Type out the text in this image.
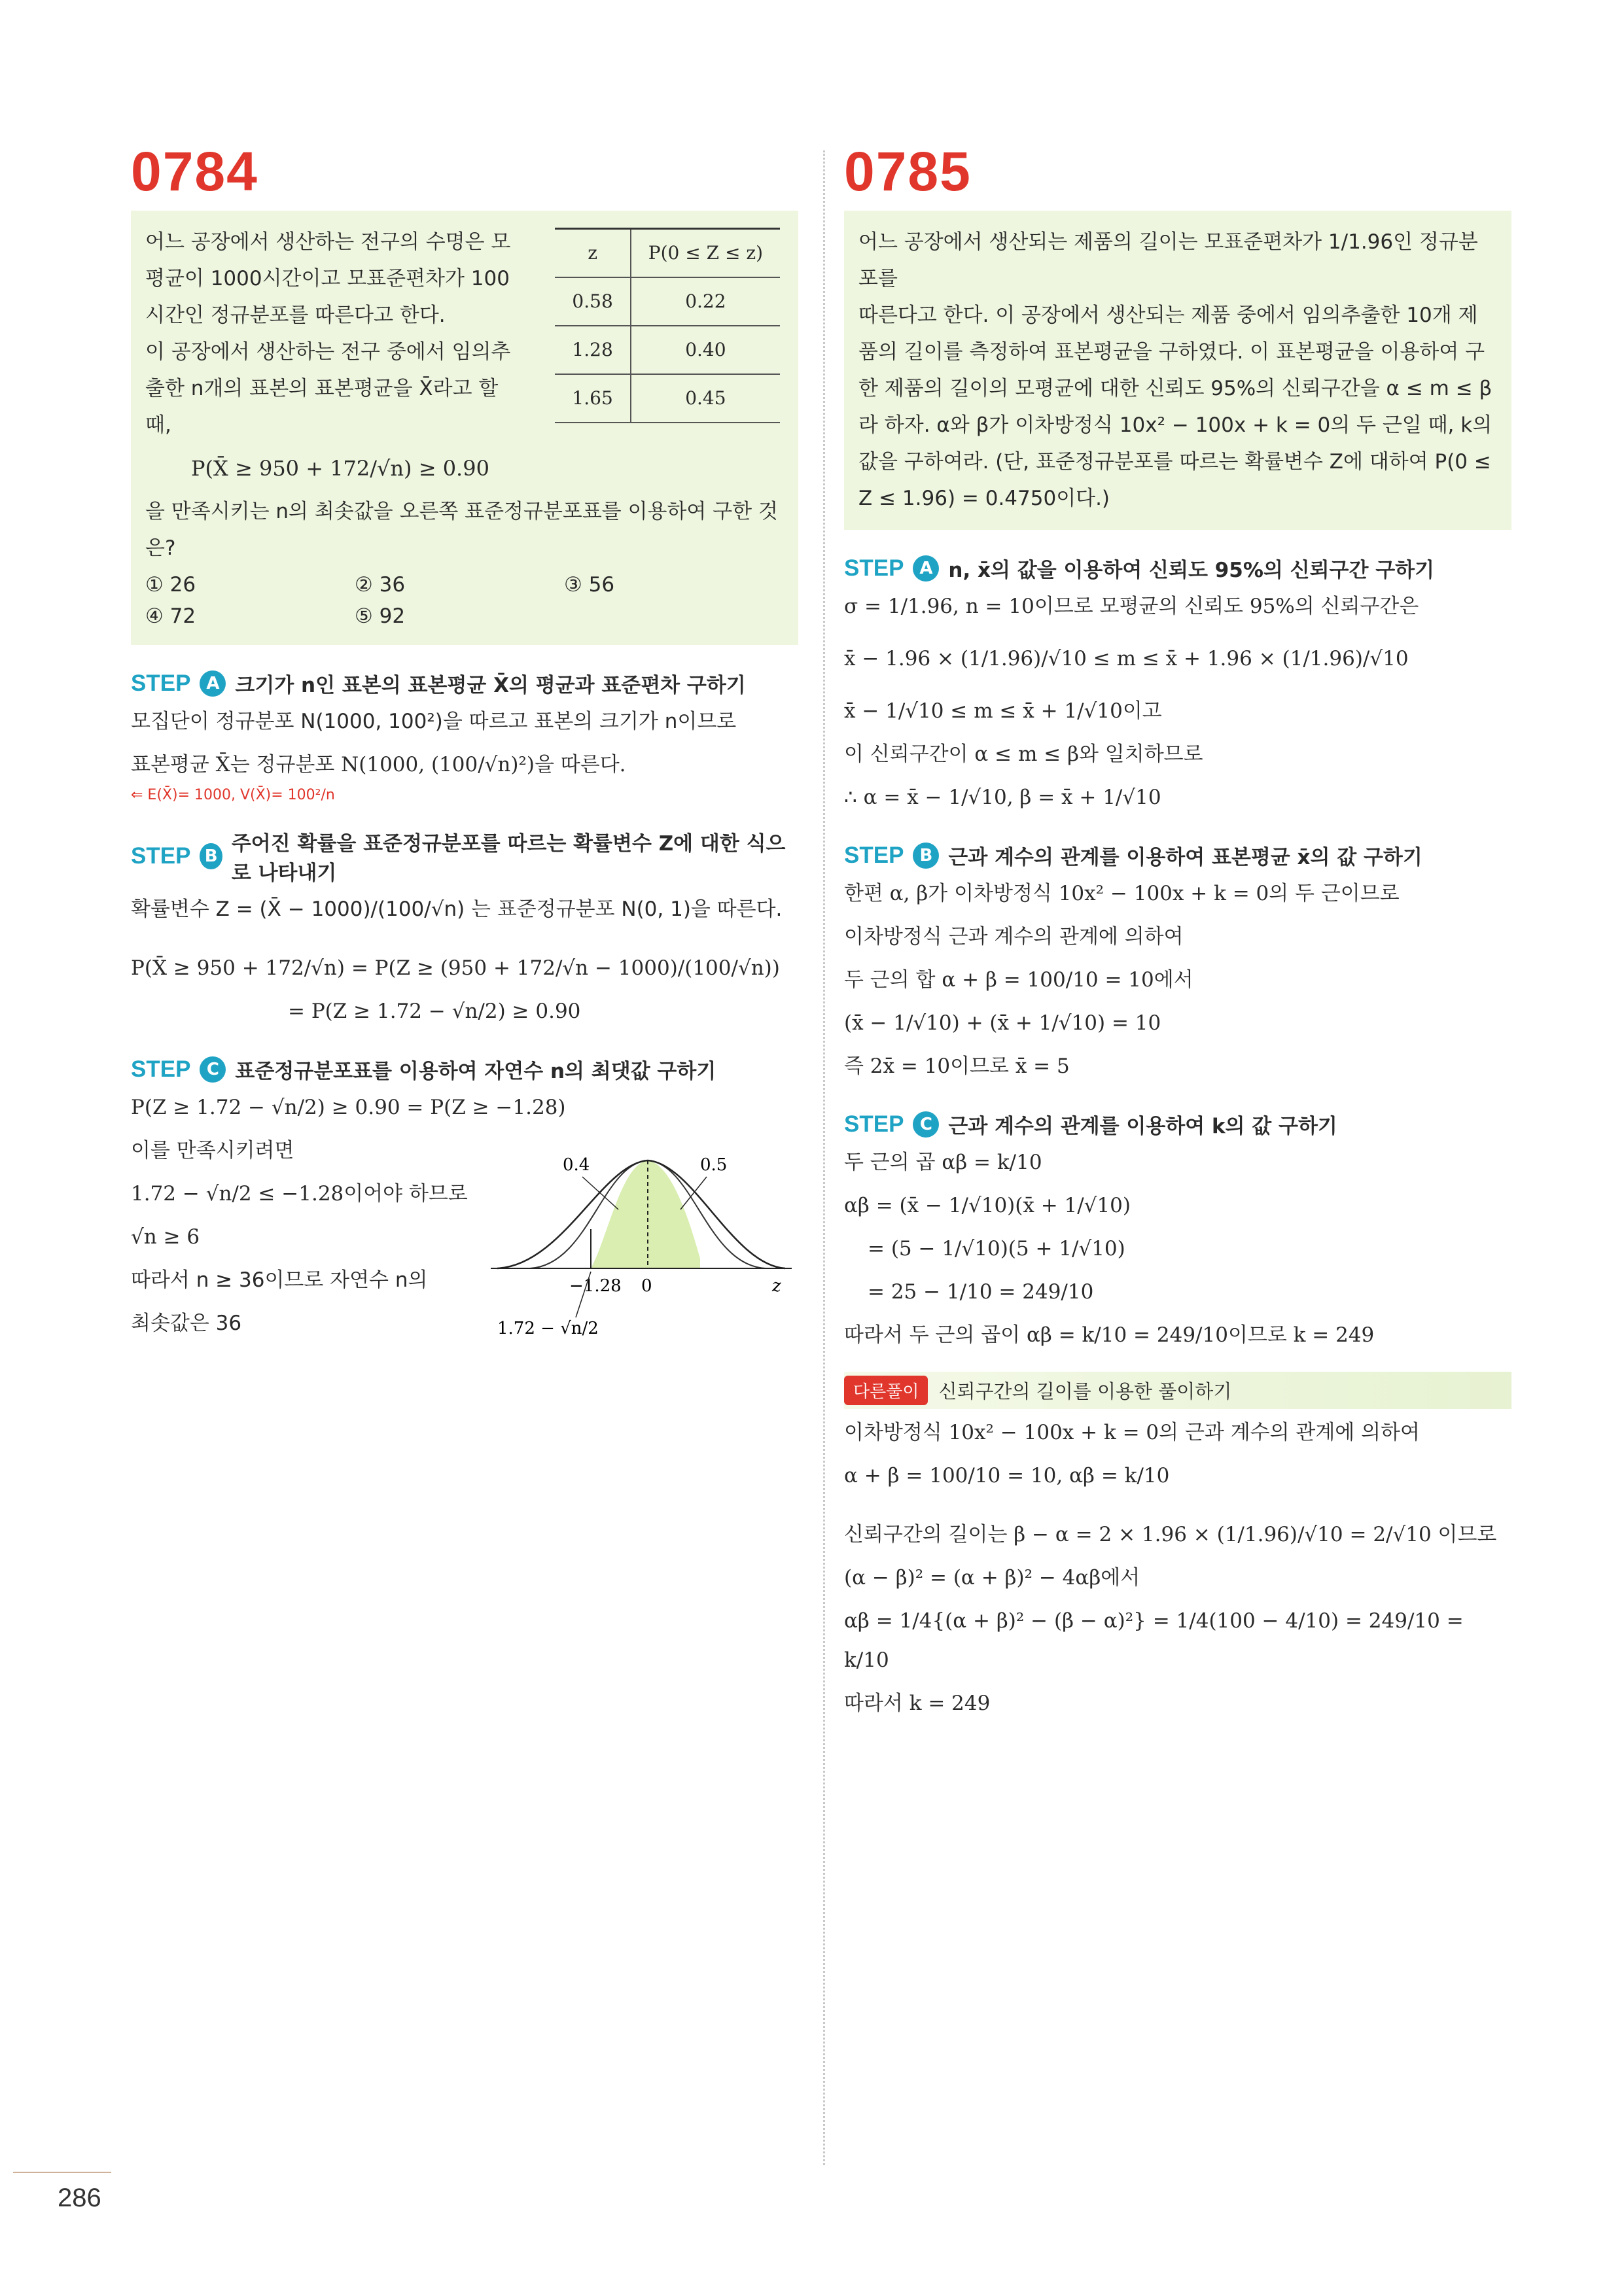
0784
z	P(0 ≤ Z ≤ z)
0.58	0.22
1.28	0.40
1.65	0.45
어느 공장에서 생산하는 전구의 수명은 모평균이 1000시간이고 모표준편차가 100시간인 정규분포를 따른다고 한다.
이 공장에서 생산하는 전구 중에서 임의추출한 n개의 표본의 표본평균을 X̄라고 할 때,
P(X̄ ≥ 950 + 172/√n) ≥ 0.90
을 만족시키는 n의 최솟값을 오른쪽 표준정규분포표를 이용하여 구한 것은?
① 26	② 36	③ 56
④ 72	⑤ 92
STEP A 크기가 n인 표본의 표본평균 X̄의 평균과 표준편차 구하기
모집단이 정규분포 N(1000, 100²)을 따르고 표본의 크기가 n이므로
표본평균 X̄는 정규분포 N(1000, (100/√n)²)을 따른다.
⇐ E(X̄)= 1000, V(X̄)= 100²/n
STEP B
주어진 확률을 표준정규분포를 따르는 확률변수 Z에 대한 식으로 나타내기
확률변수 Z = (X̄ − 1000)/(100/√n) 는 표준정규분포 N(0, 1)을 따른다.
P(X̄ ≥ 950 + 172/√n) = P(Z ≥ (950 + 172/√n − 1000)/(100/√n))
= P(Z ≥ 1.72 − √n/2) ≥ 0.90
STEP C 표준정규분포표를 이용하여 자연수 n의 최댓값 구하기
P(Z ≥ 1.72 − √n/2) ≥ 0.90 = P(Z ≥ −1.28)
이를 만족시키려면
1.72 − √n/2 ≤ −1.28이어야 하므로
√n ≥ 6
따라서 n ≥ 36이므로 자연수 n의
최솟값은 36
0.4	0.5
−1.28 0	z
1.72 − √n/2
0785
어느 공장에서 생산되는 제품의 길이는 모표준편차가 1/1.96인 정규분포를
따른다고 한다. 이 공장에서 생산되는 제품 중에서 임의추출한 10개 제품의 길이를 측정하여 표본평균을 구하였다. 이 표본평균을 이용하여 구한 제품의 길이의 모평균에 대한 신뢰도 95%의 신뢰구간을 α ≤ m ≤ β라 하자. α와 β가 이차방정식 10x² − 100x + k = 0의 두 근일 때, k의 값을 구하여라. (단, 표준정규분포를 따르는 확률변수 Z에 대하여 P(0 ≤ Z ≤ 1.96) = 0.4750이다.)
STEP A n, x̄의 값을 이용하여 신뢰도 95%의 신뢰구간 구하기
σ = 1/1.96, n = 10이므로 모평균의 신뢰도 95%의 신뢰구간은
x̄ − 1.96 × (1/1.96)/√10 ≤ m ≤ x̄ + 1.96 × (1/1.96)/√10
x̄ − 1/√10 ≤ m ≤ x̄ + 1/√10이고
이 신뢰구간이 α ≤ m ≤ β와 일치하므로
∴ α = x̄ − 1/√10, β = x̄ + 1/√10
STEP B 근과 계수의 관계를 이용하여 표본평균 x̄의 값 구하기
한편 α, β가 이차방정식 10x² − 100x + k = 0의 두 근이므로
이차방정식 근과 계수의 관계에 의하여
두 근의 합 α + β = 100/10 = 10에서
(x̄ − 1/√10) + (x̄ + 1/√10) = 10
즉 2x̄ = 10이므로 x̄ = 5
STEP C 근과 계수의 관계를 이용하여 k의 값 구하기
두 근의 곱 αβ = k/10
αβ = (x̄ − 1/√10)(x̄ + 1/√10)
= (5 − 1/√10)(5 + 1/√10)
= 25 − 1/10 = 249/10
따라서 두 근의 곱이 αβ = k/10 = 249/10이므로 k = 249
다른풀이	신뢰구간의 길이를 이용한 풀이하기
이차방정식 10x² − 100x + k = 0의 근과 계수의 관계에 의하여
α + β = 100/10 = 10, αβ = k/10
신뢰구간의 길이는 β − α = 2 × 1.96 × (1/1.96)/√10 = 2/√10 이므로
(α − β)² = (α + β)² − 4αβ에서
αβ = 1/4{(α + β)² − (β − α)²} = 1/4(100 − 4/10) = 249/10 = k/10
따라서 k = 249
286
